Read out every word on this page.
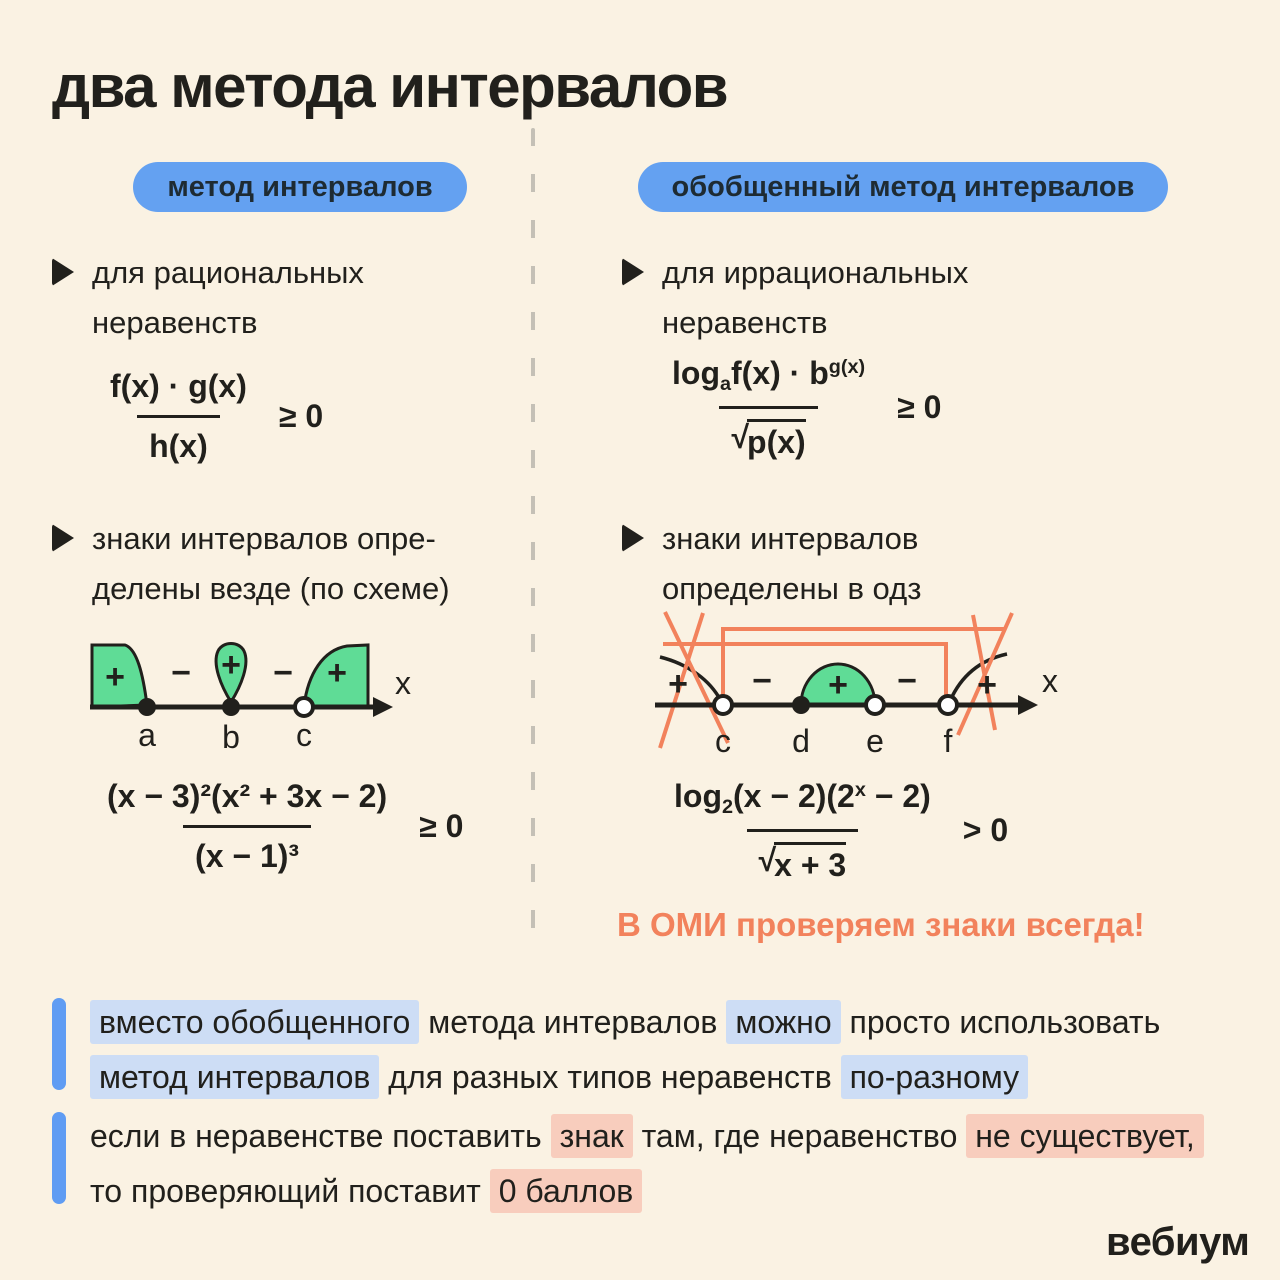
два метода интервалов
метод интервалов	обобщенный метод интервалов
для рациональных
неравенств
$\frac{f(x) \cdot g(x)}{h(x)} \ge 0$
знаки интервалов опре-
делены везде (по схеме)
+ − + − +
a b c
x
$\frac{\text{(x − 3)²(x² + 3x − 2)}}{\text{(x − 1)³}} \ge 0$
для иррациональных
неравенств
logaf(x) · $b^{g(x)}$
√
p(x) ≥ 0
знаки интервалов
определены в одз
+ − + − +
c d e f
x
$\log 2(x - 2)(2^x - 2)$
√
x + 3 > 0
В ОМИ проверяем знаки всегда!
вместо обобщенного метода интервалов можно просто использовать
метод интервалов для разных типов неравенств по-разному
если в неравенстве поставить знак там, где неравенство не существует,
то проверяющий поставит 0 баллов
вебиум
